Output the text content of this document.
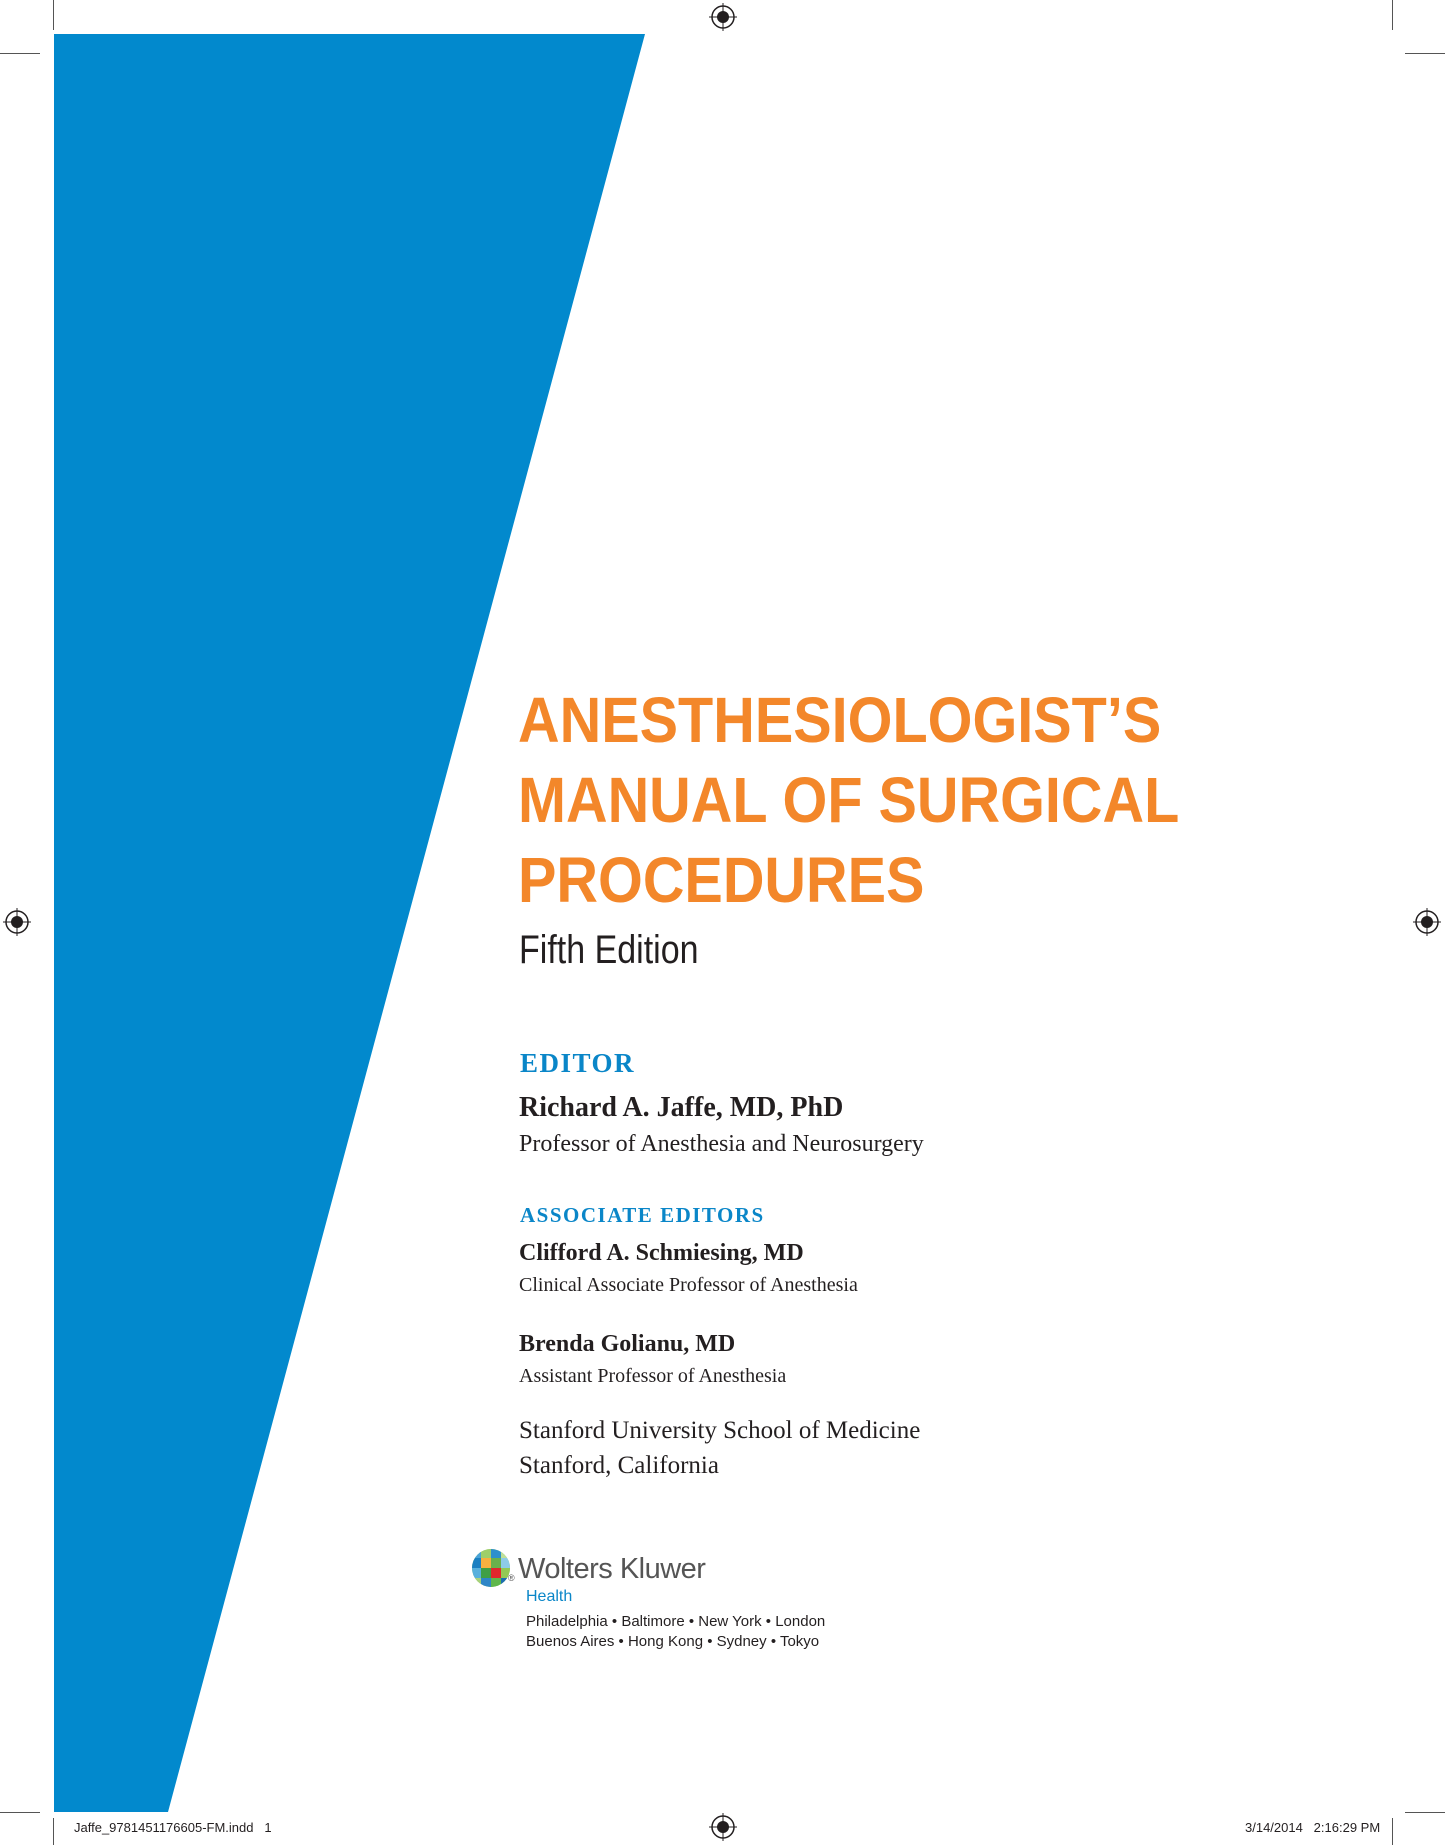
ANESTHESIOLOGIST’S
MANUAL OF SURGICAL
PROCEDURES
Fifth Edition
EDITOR
Richard A. Jaffe, MD, PhD
Professor of Anesthesia and Neurosurgery
ASSOCIATE EDITORS
Clifford A. Schmiesing, MD
Clinical Associate Professor of Anesthesia
Brenda Golianu, MD
Assistant Professor of Anesthesia
Stanford University School of Medicine
Stanford, California
® Wolters Kluwer
Health
Philadelphia • Baltimore • New York • London
Buenos Aires • Hong Kong • Sydney • Tokyo
Jaffe_9781451176605-FM.indd   1	3/14/2014   2:16:29 PM
